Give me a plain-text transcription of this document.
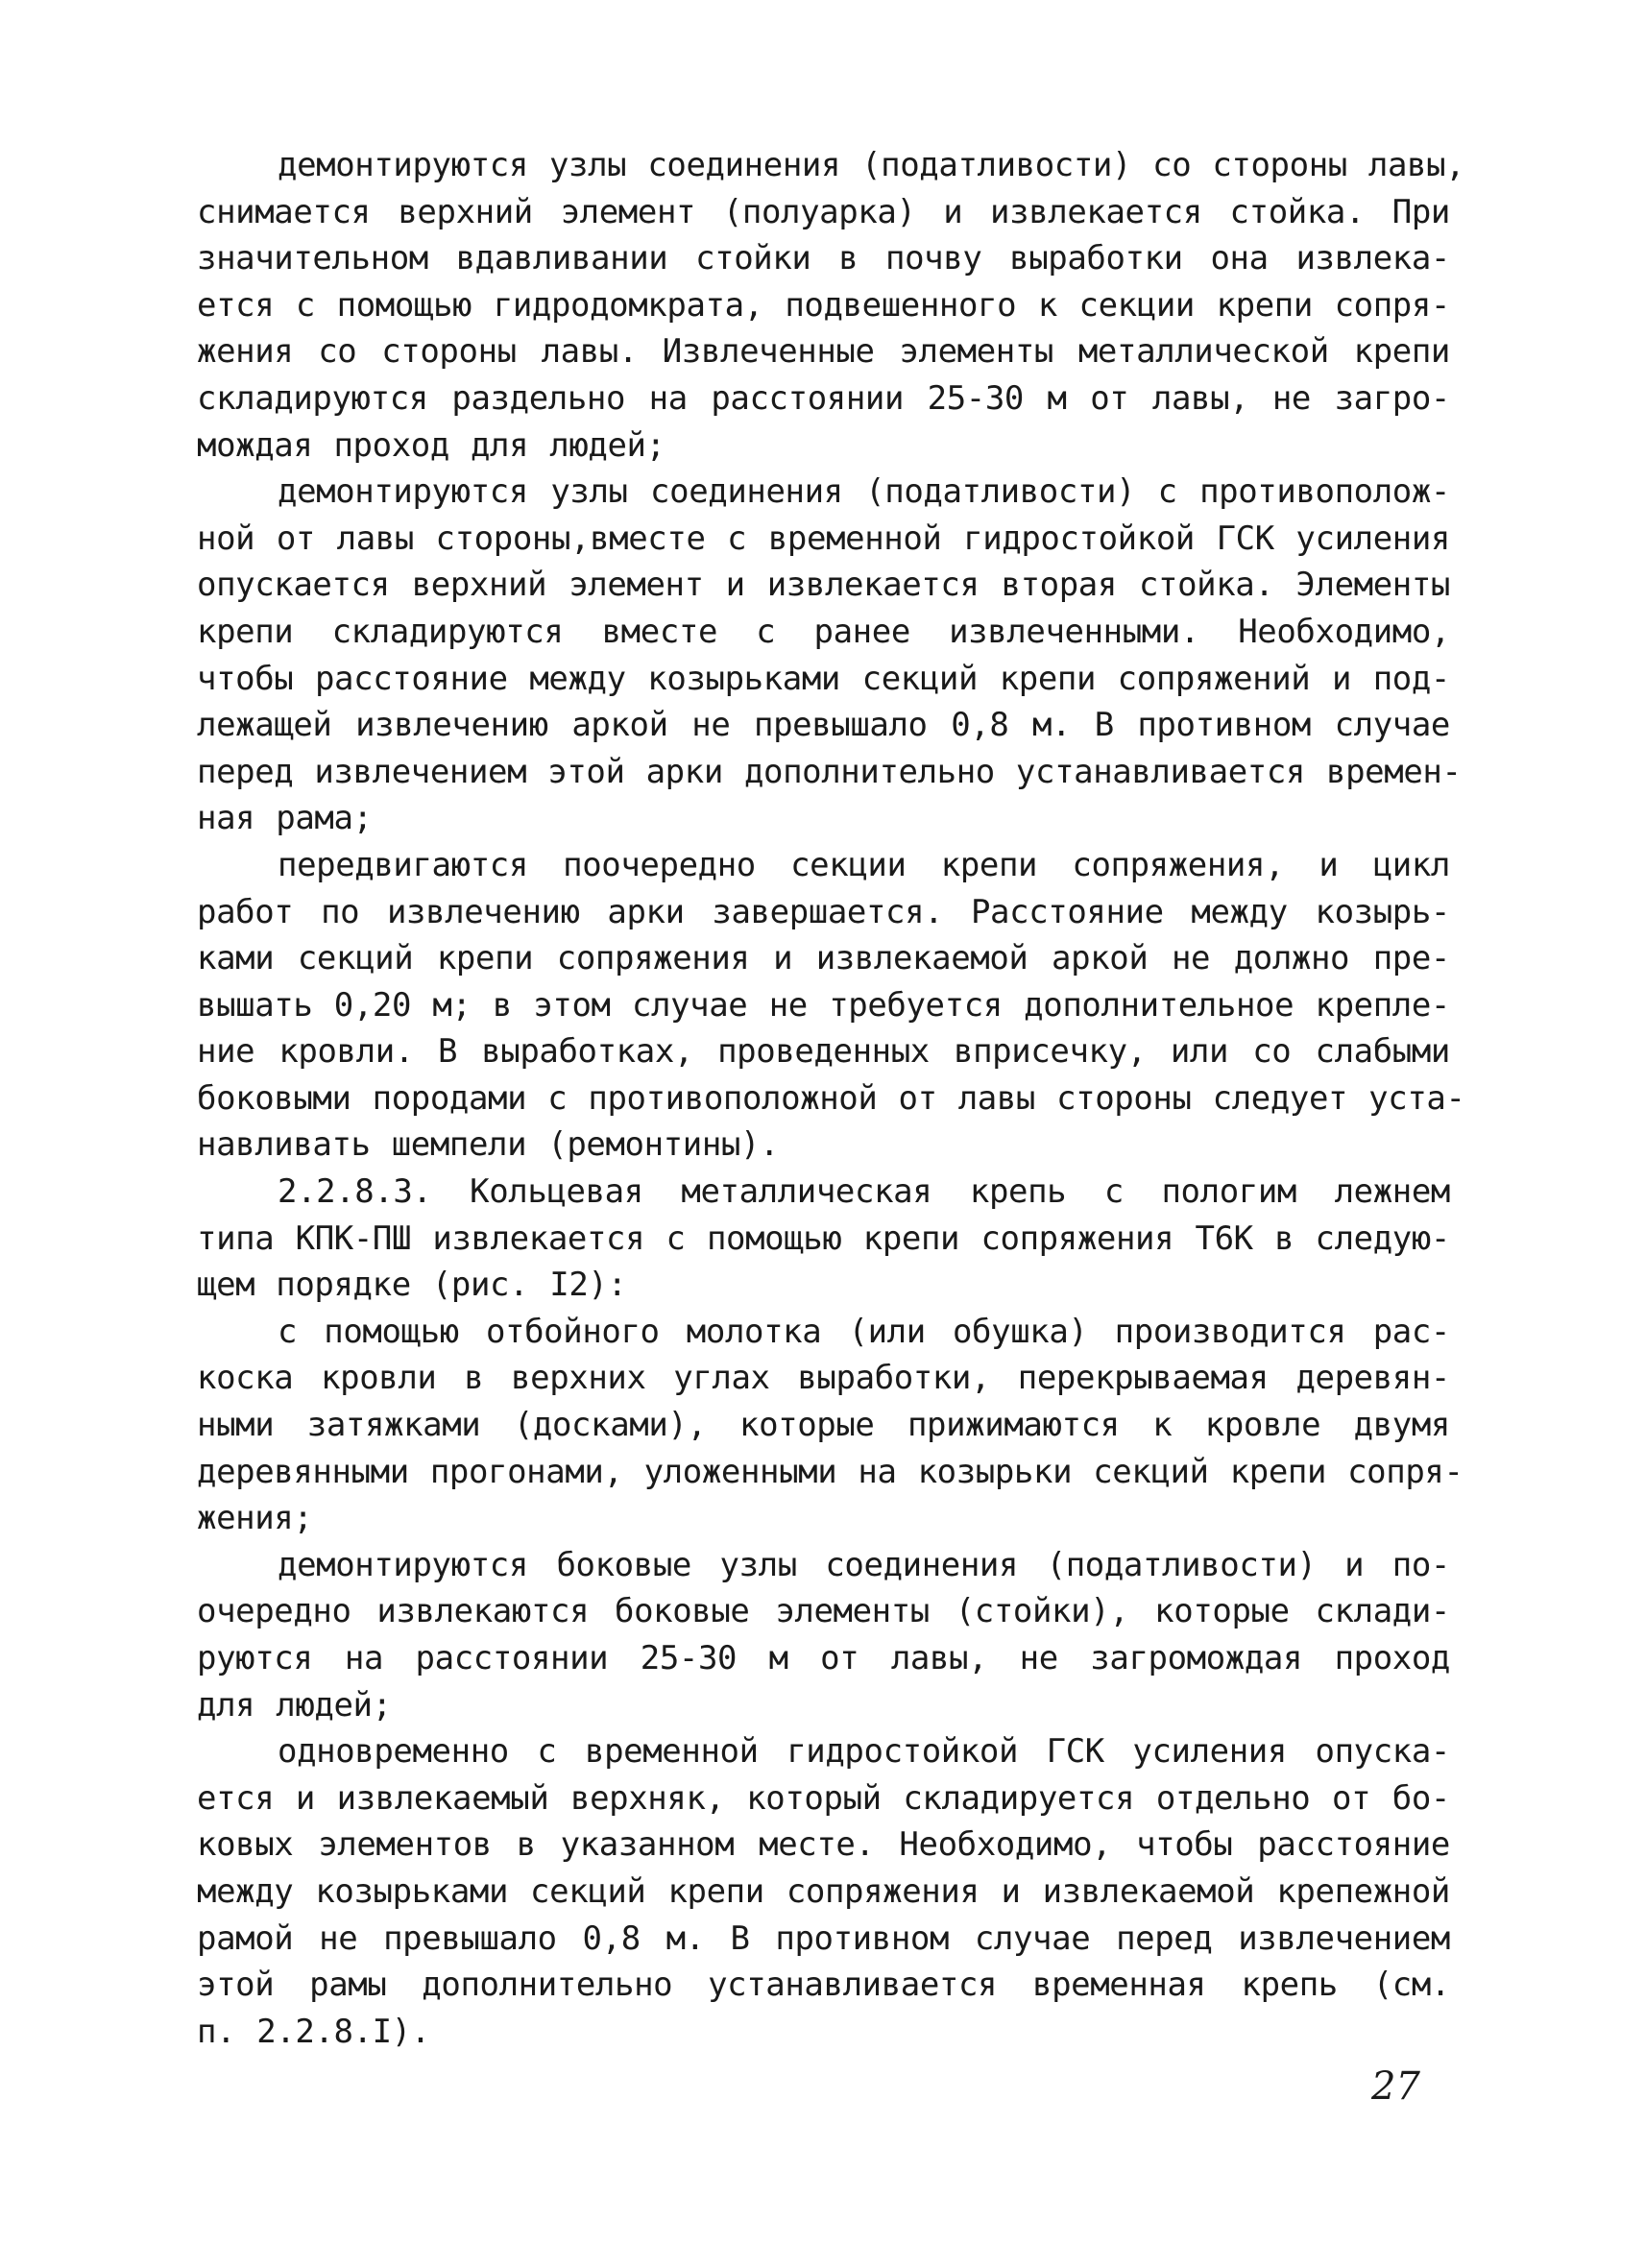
демонтируются узлы соединения (податливости) со стороны лавы,
снимается верхний элемент (полуарка) и извлекается стойка. При
значительном вдавливании стойки в почву выработки она извлека-
ется с помощью гидродомкрата, подвешенного к секции крепи сопря-
жения со стороны лавы. Извлеченные элементы металлической крепи
складируются раздельно на расстоянии 25-30 м от лавы, не загро-
мождая проход для людей;
демонтируются узлы соединения (податливости) с противополож-
ной от лавы стороны,вместе с временной гидростойкой ГСК усиления
опускается верхний элемент и извлекается вторая стойка. Элементы
крепи складируются вместе с ранее извлеченными. Необходимо,
чтобы расстояние между козырьками секций крепи сопряжений и под-
лежащей извлечению аркой не превышало 0,8 м. В противном случае
перед извлечением этой арки дополнительно устанавливается времен-
ная рама;
передвигаются поочередно секции крепи сопряжения, и цикл
работ по извлечению арки завершается. Расстояние между козырь-
ками секций крепи сопряжения и извлекаемой аркой не должно пре-
вышать 0,20 м; в этом случае не требуется дополнительное крепле-
ние кровли. В выработках, проведенных вприсечку, или со слабыми
боковыми породами с противоположной от лавы стороны следует уста-
навливать шемпели (ремонтины).
2.2.8.3. Кольцевая металлическая крепь с пологим лежнем
типа КПК-ПШ извлекается с помощью крепи сопряжения Т6К в следую-
щем порядке (рис. I2):
с помощью отбойного молотка (или обушка) производится рас-
коска кровли в верхних углах выработки, перекрываемая деревян-
ными затяжками (досками), которые прижимаются к кровле двумя
деревянными прогонами, уложенными на козырьки секций крепи сопря-
жения;
демонтируются боковые узлы соединения (податливости) и по-
очередно извлекаются боковые элементы (стойки), которые склади-
руются на расстоянии 25-30 м от лавы, не загромождая проход
для людей;
одновременно с временной гидростойкой ГСК усиления опуска-
ется и извлекаемый верхняк, который складируется отдельно от бо-
ковых элементов в указанном месте. Необходимо, чтобы расстояние
между козырьками секций крепи сопряжения и извлекаемой крепежной
рамой не превышало 0,8 м. В противном случае перед извлечением
этой рамы дополнительно устанавливается временная крепь (см.
п. 2.2.8.I).
27
